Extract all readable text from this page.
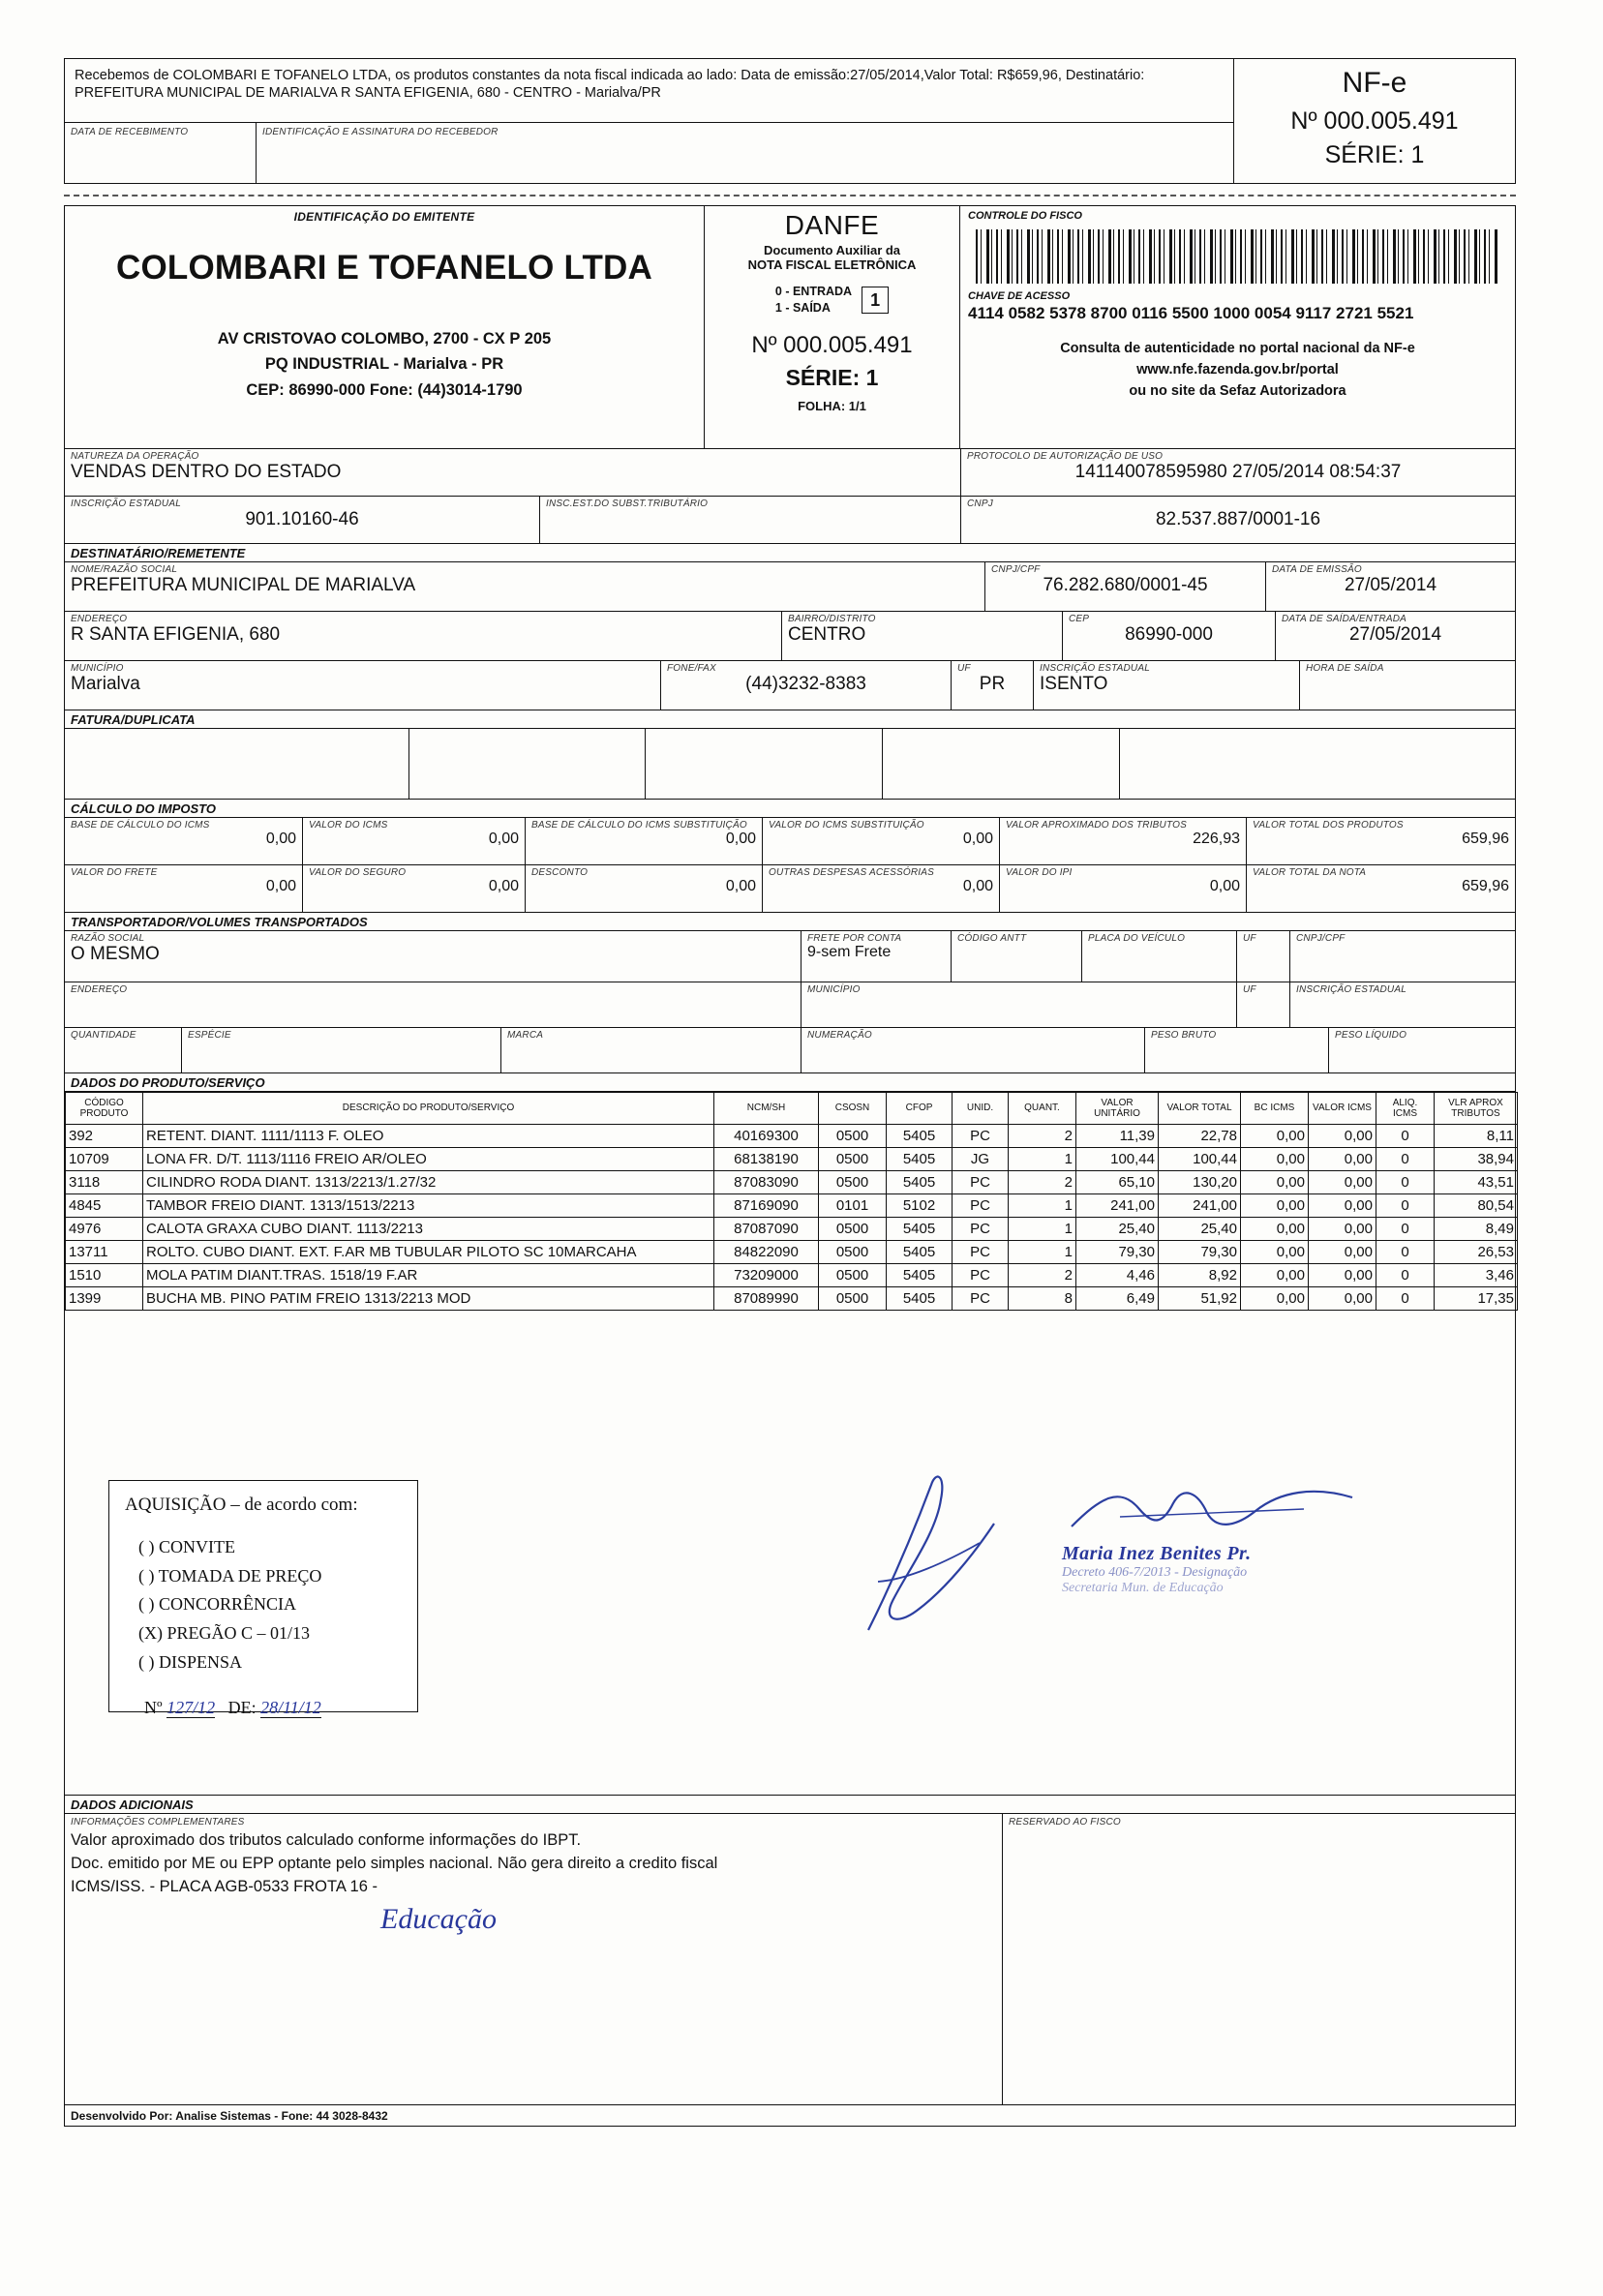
Recebemos de COLOMBARI E TOFANELO LTDA, os produtos constantes da nota fiscal indicada ao lado: Data de emissão:27/05/2014,Valor Total: R$659,96, Destinatário: PREFEITURA MUNICIPAL DE MARIALVA R SANTA EFIGENIA, 680 - CENTRO - Marialva/PR
DATA DE RECEBIMENTO	IDENTIFICAÇÃO E ASSINATURA DO RECEBEDOR
NF-e
Nº 000.005.491
SÉRIE: 1
IDENTIFICAÇÃO DO EMITENTE
COLOMBARI E TOFANELO LTDA
AV CRISTOVAO COLOMBO, 2700 - CX P 205
PQ INDUSTRIAL - Marialva - PR
CEP: 86990-000 Fone: (44)3014-1790
DANFE
Documento Auxiliar da
NOTA FISCAL ELETRÔNICA
0 - ENTRADA
1 - SAÍDA	1
Nº 000.005.491
SÉRIE: 1
FOLHA: 1/1
CONTROLE DO FISCO
CHAVE DE ACESSO
4114 0582 5378 8700 0116 5500 1000 0054 9117 2721 5521
Consulta de autenticidade no portal nacional da NF-e
www.nfe.fazenda.gov.br/portal
ou no site da Sefaz Autorizadora
NATUREZA DA OPERAÇÃO
VENDAS DENTRO DO ESTADO
PROTOCOLO DE AUTORIZAÇÃO DE USO
141140078595980 27/05/2014 08:54:37
INSCRIÇÃO ESTADUAL
901.10160-46
INSC.EST.DO SUBST.TRIBUTÁRIO	CNPJ
82.537.887/0001-16
DESTINATÁRIO/REMETENTE
NOME/RAZÃO SOCIAL
PREFEITURA MUNICIPAL DE MARIALVA
CNPJ/CPF
76.282.680/0001-45
DATA DE EMISSÃO
27/05/2014
ENDEREÇO
R SANTA EFIGENIA, 680
BAIRRO/DISTRITO
CENTRO
CEP
86990-000
DATA DE SAÍDA/ENTRADA
27/05/2014
MUNICÍPIO
Marialva
FONE/FAX
(44)3232-8383
UF
PR
INSCRIÇÃO ESTADUAL
ISENTO
HORA DE SAÍDA
FATURA/DUPLICATA
CÁLCULO DO IMPOSTO
BASE DE CÁLCULO DO ICMS
0,00
VALOR DO ICMS
0,00
BASE DE CÁLCULO DO ICMS SUBSTITUIÇÃO
0,00
VALOR DO ICMS SUBSTITUIÇÃO
0,00
VALOR APROXIMADO DOS TRIBUTOS
226,93
VALOR TOTAL DOS PRODUTOS
659,96
VALOR DO FRETE
0,00
VALOR DO SEGURO
0,00
DESCONTO
0,00
OUTRAS DESPESAS ACESSÓRIAS
0,00
VALOR DO IPI
0,00
VALOR TOTAL DA NOTA
659,96
TRANSPORTADOR/VOLUMES TRANSPORTADOS
RAZÃO SOCIAL
O MESMO
FRETE POR CONTA
9-sem Frete
CÓDIGO ANTT	PLACA DO VEÍCULO	UF	CNPJ/CPF
ENDEREÇO	MUNICÍPIO	UF	INSCRIÇÃO ESTADUAL
QUANTIDADE	ESPÉCIE	MARCA	NUMERAÇÃO	PESO BRUTO	PESO LÍQUIDO
DADOS DO PRODUTO/SERVIÇO
CÓDIGO PRODUTO	DESCRIÇÃO DO PRODUTO/SERVIÇO	NCM/SH	CSOSN	CFOP	UNID.	QUANT.	VALOR UNITÁRIO	VALOR TOTAL	BC ICMS	VALOR ICMS	ALIQ. ICMS	VLR APROX TRIBUTOS
392	RETENT. DIANT. 1111/1113 F. OLEO	40169300	0500	5405	PC	2	11,39	22,78	0,00	0,00	0	8,11
10709	LONA FR. D/T. 1113/1116 FREIO AR/OLEO	68138190	0500	5405	JG	1	100,44	100,44	0,00	0,00	0	38,94
3118	CILINDRO RODA DIANT. 1313/2213/1.27/32	87083090	0500	5405	PC	2	65,10	130,20	0,00	0,00	0	43,51
4845	TAMBOR FREIO DIANT. 1313/1513/2213	87169090	0101	5102	PC	1	241,00	241,00	0,00	0,00	0	80,54
4976	CALOTA GRAXA CUBO DIANT. 1113/2213	87087090	0500	5405	PC	1	25,40	25,40	0,00	0,00	0	8,49
13711	ROLTO. CUBO DIANT. EXT. F.AR MB TUBULAR PILOTO SC 10MARCAHA	84822090	0500	5405	PC	1	79,30	79,30	0,00	0,00	0	26,53
1510	MOLA PATIM DIANT.TRAS. 1518/19 F.AR	73209000	0500	5405	PC	2	4,46	8,92	0,00	0,00	0	3,46
1399	BUCHA MB. PINO PATIM FREIO 1313/2213 MOD	87089990	0500	5405	PC	8	6,49	51,92	0,00	0,00	0	17,35
AQUISIÇÃO – de acordo com:
( ) CONVITE
( ) TOMADA DE PREÇO
( ) CONCORRÊNCIA
(X) PREGÃO C – 01/13
( ) DISPENSA
Nº 127/12 DE: 28/11/12
Maria Inez Benites Pr.
Decreto 406-7/2013 - Designação
Secretaria Mun. de Educação
DADOS ADICIONAIS
INFORMAÇÕES COMPLEMENTARES
Valor aproximado dos tributos calculado conforme informações do IBPT.
Doc. emitido por ME ou EPP optante pelo simples nacional. Não gera direito a credito fiscal
ICMS/ISS. - PLACA AGB-0533 FROTA 16 -
Educação
RESERVADO AO FISCO
Desenvolvido Por: Analise Sistemas - Fone: 44 3028-8432
